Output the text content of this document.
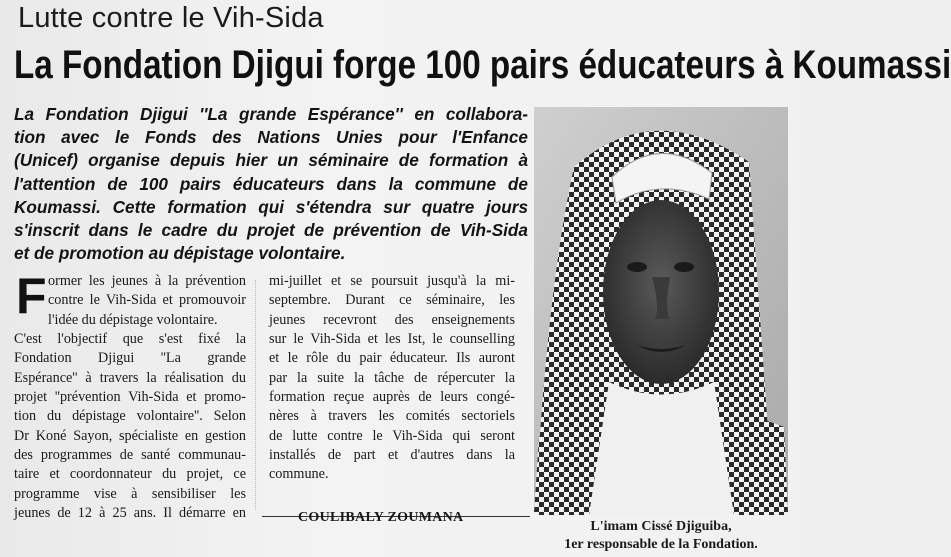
Lutte contre le Vih-Sida
La Fondation Djigui forge 100 pairs éducateurs à Koumassi
La Fondation Djigui ''La grande Espérance'' en collabora-
tion avec le Fonds des Nations Unies pour l'Enfance
(Unicef) organise depuis hier un séminaire de formation à
l'attention de 100 pairs éducateurs dans la commune de
Koumassi. Cette formation qui s'étendra sur quatre jours
s'inscrit dans le cadre du projet de prévention de Vih-Sida
et de promotion au dépistage volontaire.
F ormer les jeunes à la prévention
contre le Vih-Sida et promouvoir
l'idée du dépistage volontaire.
C'est l'objectif que s'est fixé la
Fondation Djigui ''La grande
Espérance'' à travers la réalisation du
projet ''prévention Vih-Sida et promo-
tion du dépistage volontaire''. Selon
Dr Koné Sayon, spécialiste en gestion
des programmes de santé communau-
taire et coordonnateur du projet, ce
programme vise à sensibiliser les
jeunes de 12 à 25 ans. Il démarre en
mi-juillet et se poursuit jusqu'à la mi-
septembre. Durant ce séminaire, les
jeunes recevront des enseignements
sur le Vih-Sida et les Ist, le counselling
et le rôle du pair éducateur. Ils auront
par la suite la tâche de répercuter la
formation reçue auprès de leurs congé-
nères à travers les comités sectoriels
de lutte contre le Vih-Sida qui seront
installés de part et d'autres dans la
commune.
COULIBALY ZOUMANA
L'imam Cissé Djiguiba,
1er responsable de la Fondation.
